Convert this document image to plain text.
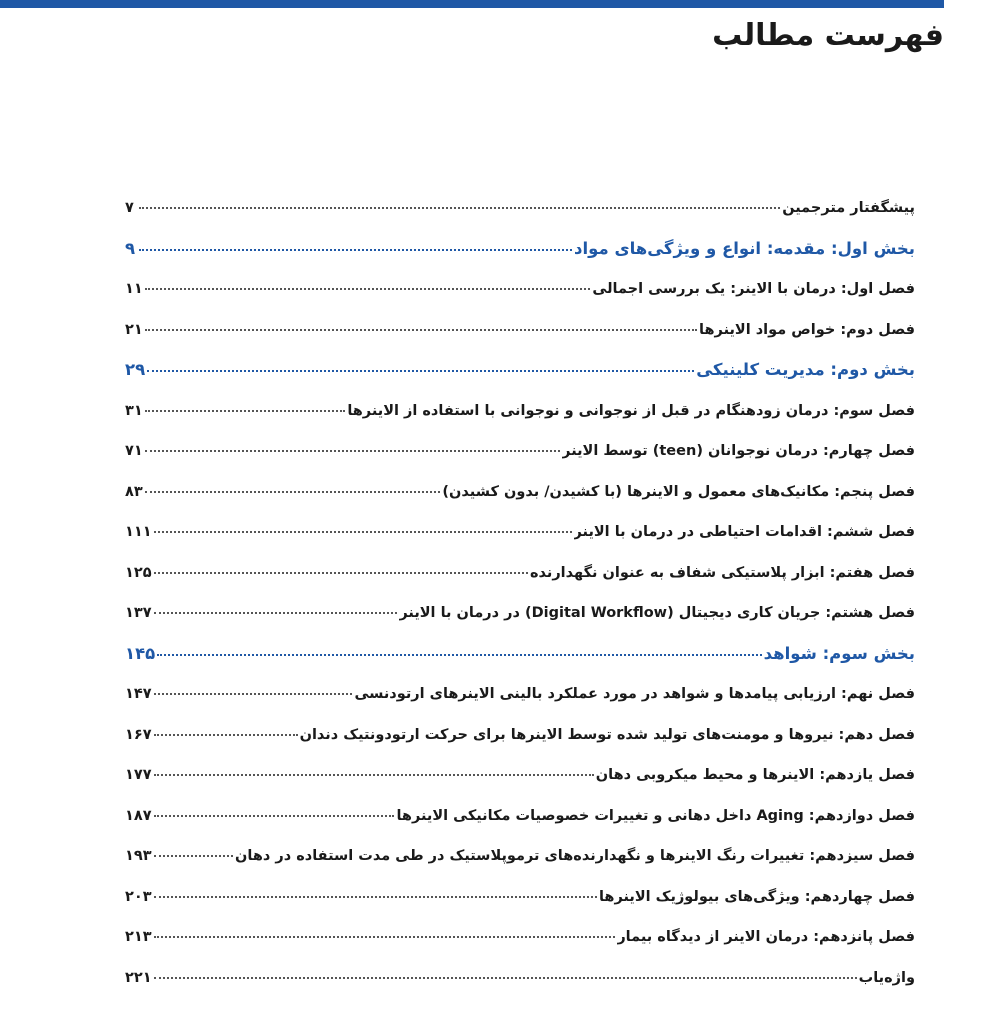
فهرست مطالب
پیشگفتار مترجمین
۷
بخش اول: مقدمه: انواع و ویژگی‌های مواد
۹
فصل اول: درمان با الاینر: یک بررسی اجمالی
۱۱
فصل دوم: خواص مواد الاینرها
۲۱
بخش دوم: مدیریت کلینیکی
۲۹
فصل سوم: درمان زودهنگام در قبل از نوجوانی و نوجوانی با استفاده از الاینرها
۳۱
فصل چهارم: درمان نوجوانان (teen) توسط الاینر
۷۱
فصل پنجم: مکانیک‌های معمول و الاینرها (با کشیدن/ بدون کشیدن)
۸۳
فصل ششم: اقدامات احتیاطی در درمان با الاینر
۱۱۱
فصل هفتم: ابزار پلاستیکی شفاف به عنوان نگهدارنده
۱۲۵
فصل هشتم: جریان کاری دیجیتال (Digital Workflow) در درمان با الاینر
۱۳۷
بخش سوم: شواهد
۱۴۵
فصل نهم: ارزیابی پیامدها و شواهد در مورد عملکرد بالینی الاینرهای ارتودنسی
۱۴۷
فصل دهم: نیروها و مومنت‌های تولید شده توسط الاینرها برای حرکت ارتودونتیک دندان
۱۶۷
فصل یازدهم: الاینرها و محیط میکروبی دهان
۱۷۷
فصل دوازدهم: Aging داخل دهانی و تغییرات خصوصیات مکانیکی الاینرها
۱۸۷
فصل سیزدهم: تغییرات رنگ الاینرها و نگهدارنده‌های ترموپلاستیک در طی مدت استفاده در دهان
۱۹۳
فصل چهاردهم: ویژگی‌های بیولوژیک الاینرها
۲۰۳
فصل پانزدهم: درمان الاینر از دیدگاه بیمار
۲۱۳
واژه‌یاب
۲۲۱
